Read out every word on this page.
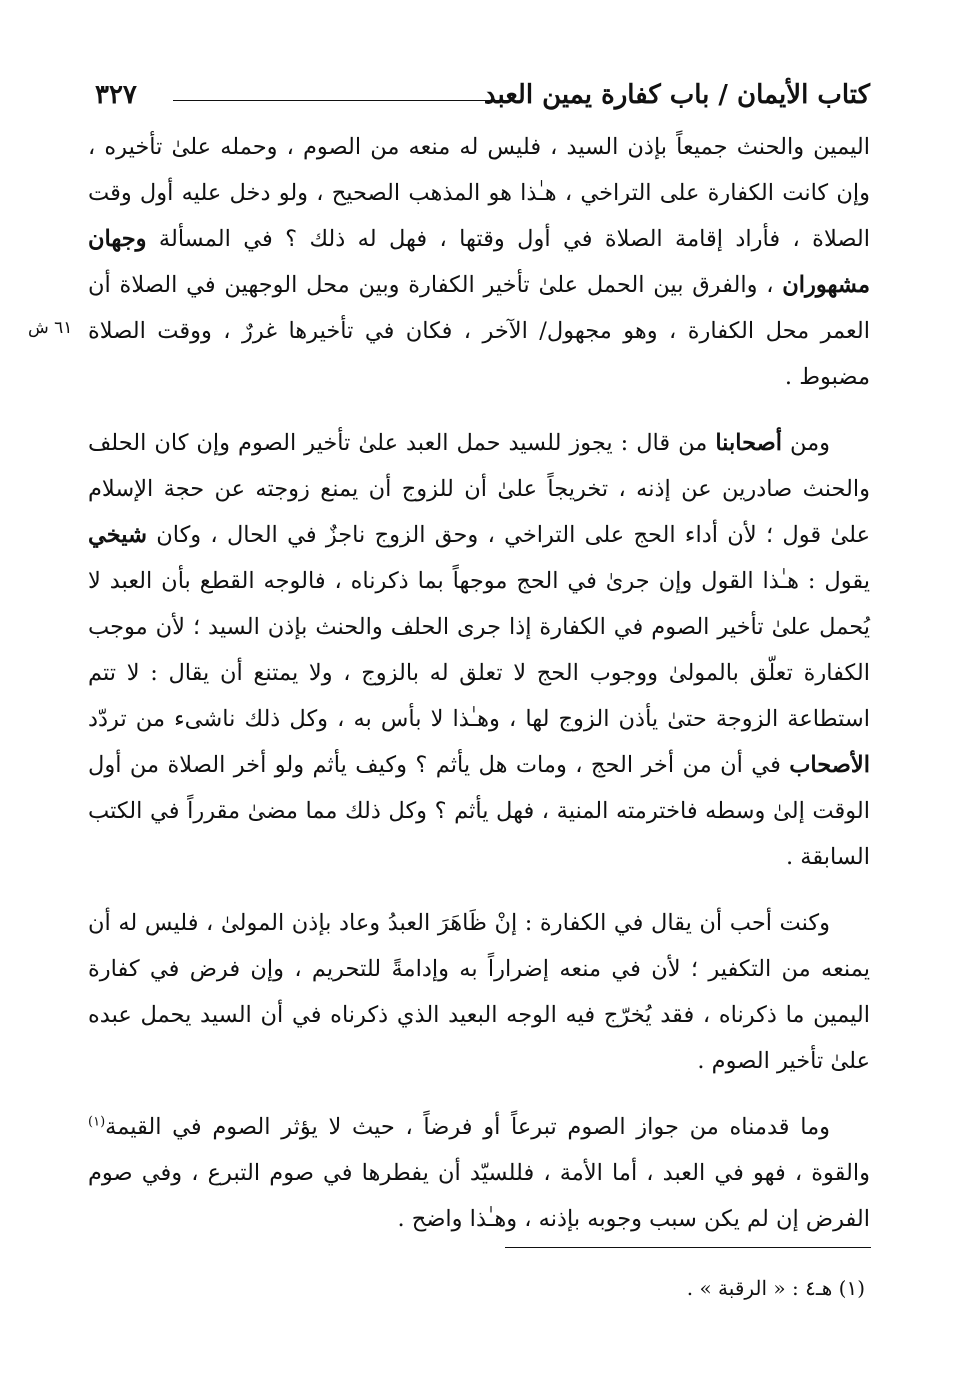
كتاب الأيمان / باب كفارة يمين العبد
٣٢٧
٦١ ش

اليمين والحنث جميعاً بإذن السيد ، فليس له منعه من الصوم ، وحمله علىٰ تأخيره ، وإن كانت الكفارة على التراخي ، هـٰذا هو المذهب الصحيح ، ولو دخل عليه أول وقت الصلاة ، فأراد إقامة الصلاة في أول وقتها ، فهل له ذلك ؟ في المسألة وجهان مشهوران ، والفرق بين الحمل علىٰ تأخير الكفارة وبين محل الوجهين في الصلاة أن العمر محل الكفارة ، وهو مجهول/ الآخر ، فكان في تأخيرها غررٌ ، ووقت الصلاة مضبوط .

ومن أصحابنا من قال : يجوز للسيد حمل العبد علىٰ تأخير الصوم وإن كان الحلف والحنث صادرين عن إذنه ، تخريجاً علىٰ أن للزوج أن يمنع زوجته عن حجة الإسلام علىٰ قول ؛ لأن أداء الحج على التراخي ، وحق الزوج ناجزٌ في الحال ، وكان شيخي يقول : هـٰذا القول وإن جرىٰ في الحج موجهاً بما ذكرناه ، فالوجه القطع بأن العبد لا يُحمل علىٰ تأخير الصوم في الكفارة إذا جرى الحلف والحنث بإذن السيد ؛ لأن موجب الكفارة تعلّق بالمولىٰ ووجوب الحج لا تعلق له بالزوج ، ولا يمتنع أن يقال : لا تتم استطاعة الزوجة حتىٰ يأذن الزوج لها ، وهـٰذا لا بأس به ، وكل ذلك ناشىء من تردّد الأصحاب في أن من أخر الحج ، ومات هل يأثم ؟ وكيف يأثم ولو أخر الصلاة من أول الوقت إلىٰ وسطه فاخترمته المنية ، فهل يأثم ؟ وكل ذلك مما مضىٰ مقرراً في الكتب السابقة .

وكنت أحب أن يقال في الكفارة : إنْ ظَاهَرَ العبدُ وعاد بإذن المولىٰ ، فليس له أن يمنعه من التكفير ؛ لأن في منعه إضراراً به وإدامةً للتحريم ، وإن فرض في كفارة اليمين ما ذكرناه ، فقد يُخرّج فيه الوجه البعيد الذي ذكرناه في أن السيد يحمل عبده علىٰ تأخير الصوم .

وما قدمناه من جواز الصوم تبرعاً أو فرضاً ، حيث لا يؤثر الصوم في القيمة$^{(١)}$ والقوة ، فهو في العبد ، أما الأمة ، فللسيّد أن يفطرها في صوم التبرع ، وفي صوم الفرض إن لم يكن سبب وجوبه بإذنه ، وهـٰذا واضح .

(١) هـ٤ : « الرقبة » .
